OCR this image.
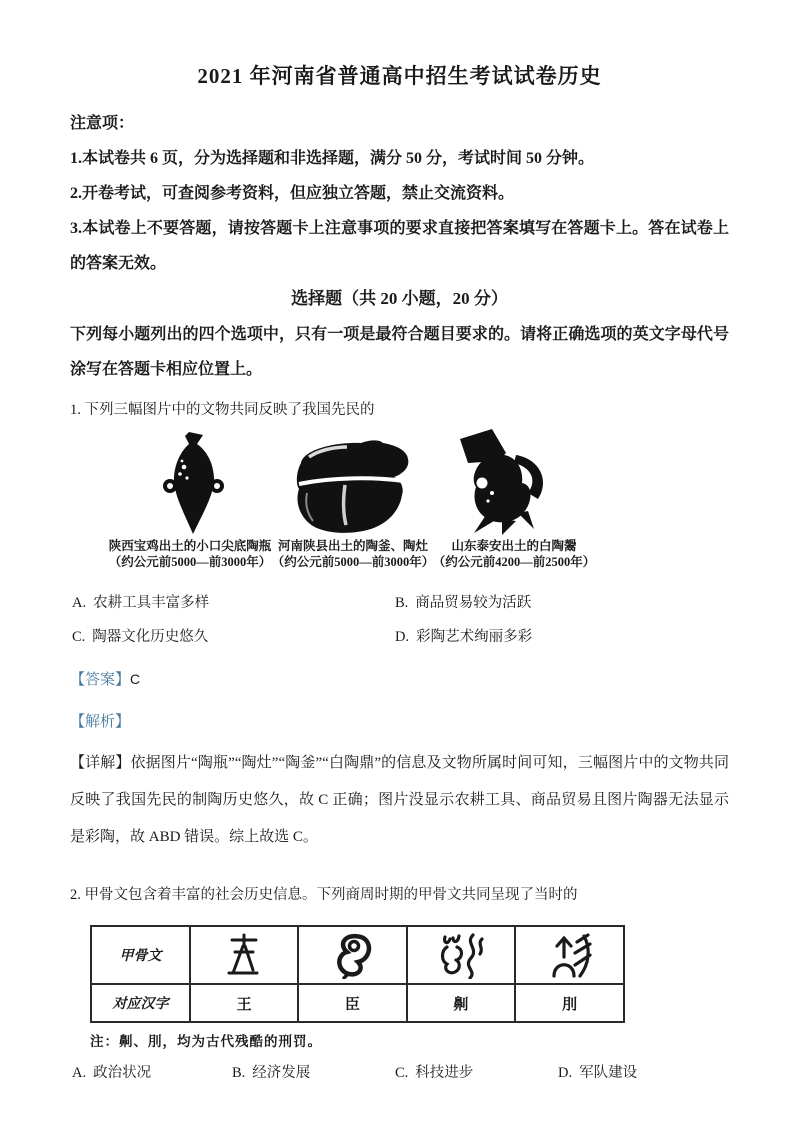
2021 年河南省普通高中招生考试试卷历史
注意项：

1.本试卷共 6 页，分为选择题和非选择题，满分 50 分，考试时间 50 分钟。

2.开卷考试，可查阅参考资料，但应独立答题，禁止交流资料。

3.本试卷上不要答题，请按答题卡上注意事项的要求直接把答案填写在答题卡上。答在试卷上的答案无效。

选择题（共 20 小题，20 分）

下列每小题列出的四个选项中，只有一项是最符合题目要求的。请将正确选项的英文字母代号涂写在答题卡相应位置上。

1. 下列三幅图片中的文物共同反映了我国先民的

陕西宝鸡出土的小口尖底陶瓶
（约公元前5000—前3000年）
河南陕县出土的陶釜、陶灶
（约公元前5000—前3000年）
山东泰安出土的白陶鬶
（约公元前4200—前2500年）
A. 农耕工具丰富多样	B. 商品贸易较为活跃
C. 陶器文化历史悠久	D. 彩陶艺术绚丽多彩

【答案】C

【解析】

【详解】依据图片“陶瓶”“陶灶”“陶釜”“白陶鼎”的信息及文物所属时间可知，三幅图片中的文物共同反映了我国先民的制陶历史悠久，故 C 正确；图片没显示农耕工具、商品贸易且图片陶器无法显示是彩陶，故 ABD 错误。综上故选 C。

2. 甲骨文包含着丰富的社会历史信息。下列商周时期的甲骨文共同呈现了当时的

甲骨文	

对应汉字	王	臣	劓	刖

注：劓、刖，均为古代残酷的刑罚。

A. 政治状况	B. 经济发展	C. 科技进步	D. 军队建设
